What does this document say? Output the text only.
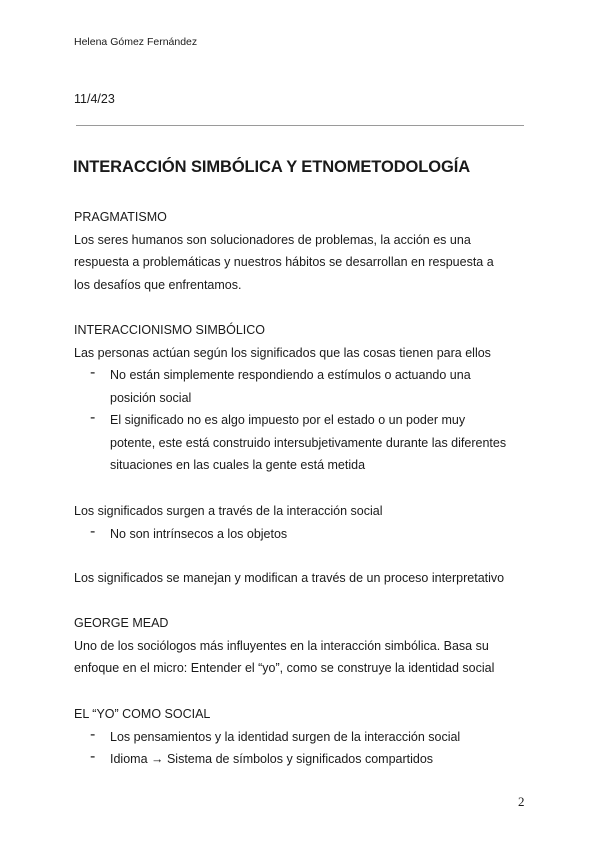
Helena Gómez Fernández
11/4/23
INTERACCIÓN SIMBÓLICA Y ETNOMETODOLOGÍA
PRAGMATISMO
Los seres humanos son solucionadores de problemas, la acción es una
respuesta a problemáticas y nuestros hábitos se desarrollan en respuesta a
los desafíos que enfrentamos.
INTERACCIONISMO SIMBÓLICO
Las personas actúan según los significados que las cosas tienen para ellos
- No están simplemente respondiendo a estímulos o actuando una
posición social
- El significado no es algo impuesto por el estado o un poder muy
potente, este está construido intersubjetivamente durante las diferentes
situaciones en las cuales la gente está metida
Los significados surgen a través de la interacción social
- No son intrínsecos a los objetos
Los significados se manejan y modifican a través de un proceso interpretativo
GEORGE MEAD
Uno de los sociólogos más influyentes en la interacción simbólica. Basa su
enfoque en el micro: Entender el “yo”, como se construye la identidad social
EL “YO” COMO SOCIAL
- Los pensamientos y la identidad surgen de la interacción social
- Idioma → Sistema de símbolos y significados compartidos
2
